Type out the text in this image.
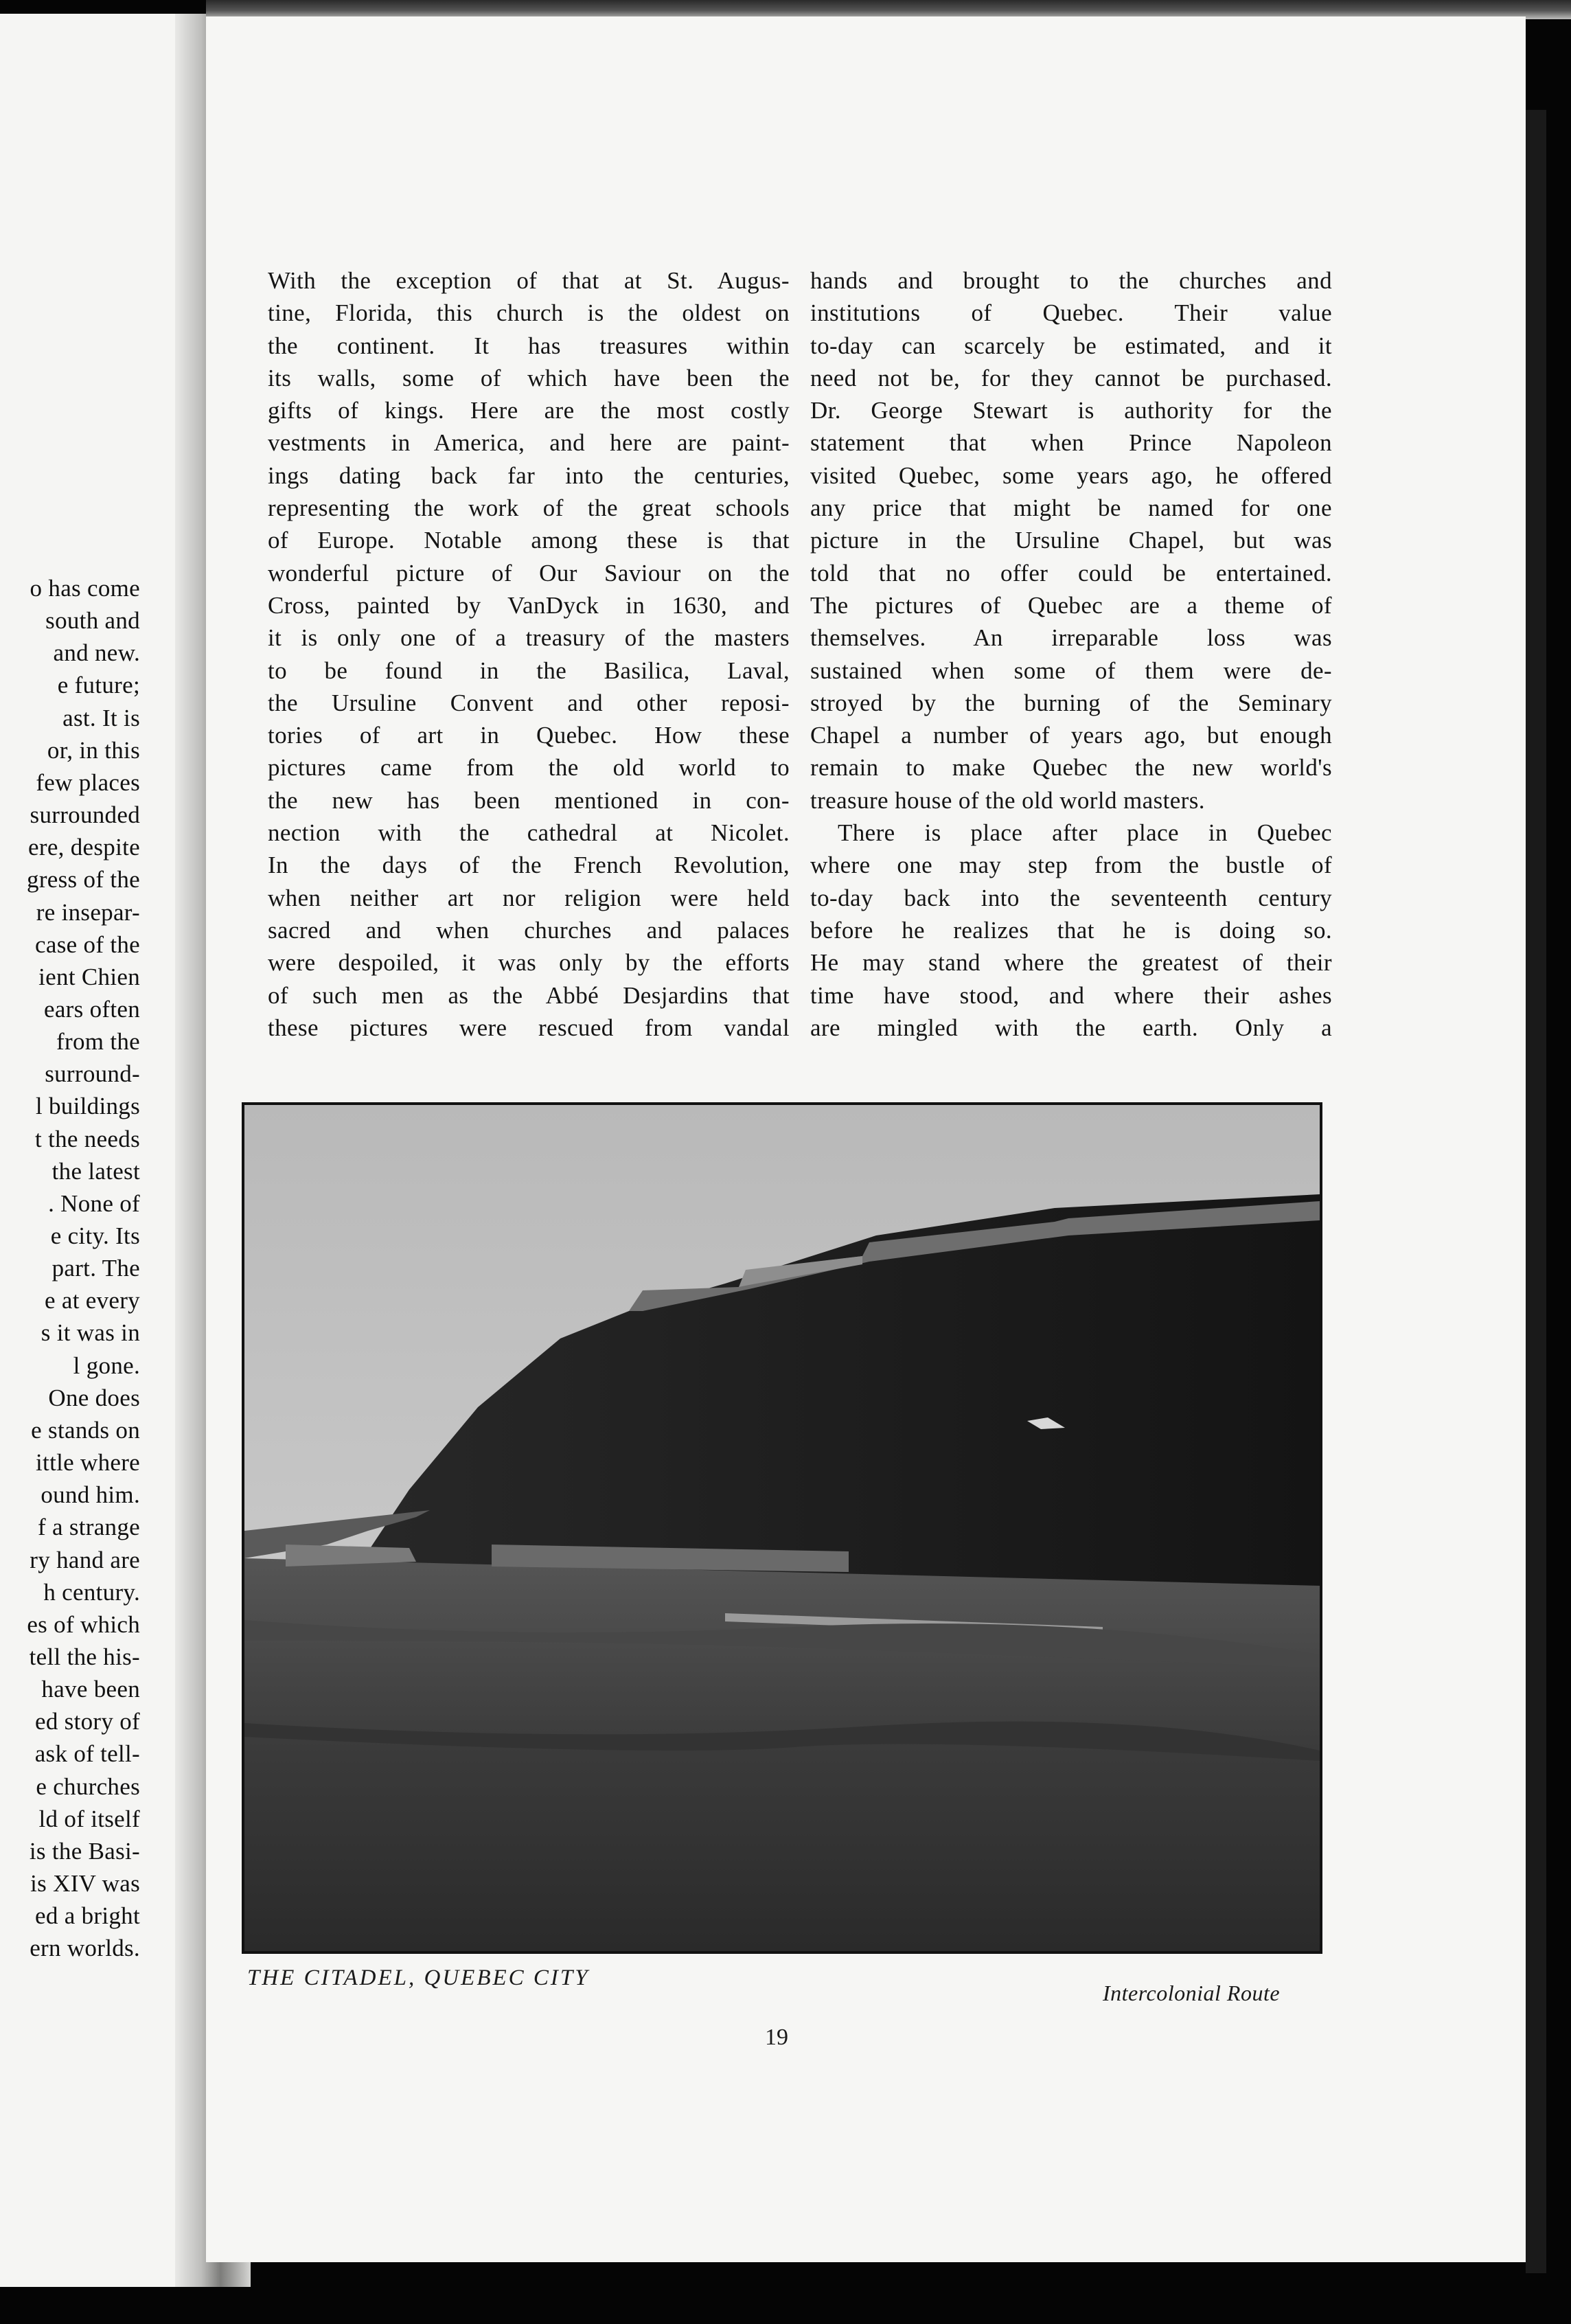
o has come
south and
and new.
e future;
ast. It is
or, in this
few places
surrounded
ere, despite
gress of the
re insepar-
case of the
ient Chien
ears often
from the
surround-
l buildings
t the needs
the latest
. None of
e city. Its
part. The
e at every
s it was in
l gone.
One does
e stands on
ittle where
ound him.
f a strange
ry hand are
h century.
es of which
tell the his-
have been
ed story of
ask of tell-
e churches
ld of itself
is the Basi-
is XIV was
ed a bright
ern worlds.
With the exception of that at St. Augus-
tine, Florida, this church is the oldest on
the continent. It has treasures within
its walls, some of which have been the
gifts of kings. Here are the most costly
vestments in America, and here are paint-
ings dating back far into the centuries,
representing the work of the great schools
of Europe. Notable among these is that
wonderful picture of Our Saviour on the
Cross, painted by VanDyck in 1630, and
it is only one of a treasury of the masters
to be found in the Basilica, Laval,
the Ursuline Convent and other reposi-
tories of art in Quebec. How these
pictures came from the old world to
the new has been mentioned in con-
nection with the cathedral at Nicolet.
In the days of the French Revolution,
when neither art nor religion were held
sacred and when churches and palaces
were despoiled, it was only by the efforts
of such men as the Abbé Desjardins that
these pictures were rescued from vandal
hands and brought to the churches and
institutions of Quebec. Their value
to-day can scarcely be estimated, and it
need not be, for they cannot be purchased.
Dr. George Stewart is authority for the
statement that when Prince Napoleon
visited Quebec, some years ago, he offered
any price that might be named for one
picture in the Ursuline Chapel, but was
told that no offer could be entertained.
The pictures of Quebec are a theme of
themselves. An irreparable loss was
sustained when some of them were de-
stroyed by the burning of the Seminary
Chapel a number of years ago, but enough
remain to make Quebec the new world's
treasure house of the old world masters.
There is place after place in Quebec
where one may step from the bustle of
to-day back into the seventeenth century
before he realizes that he is doing so.
He may stand where the greatest of their
time have stood, and where their ashes
are mingled with the earth. Only a
THE CITADEL, QUEBEC CITY
Intercolonial Route
19
